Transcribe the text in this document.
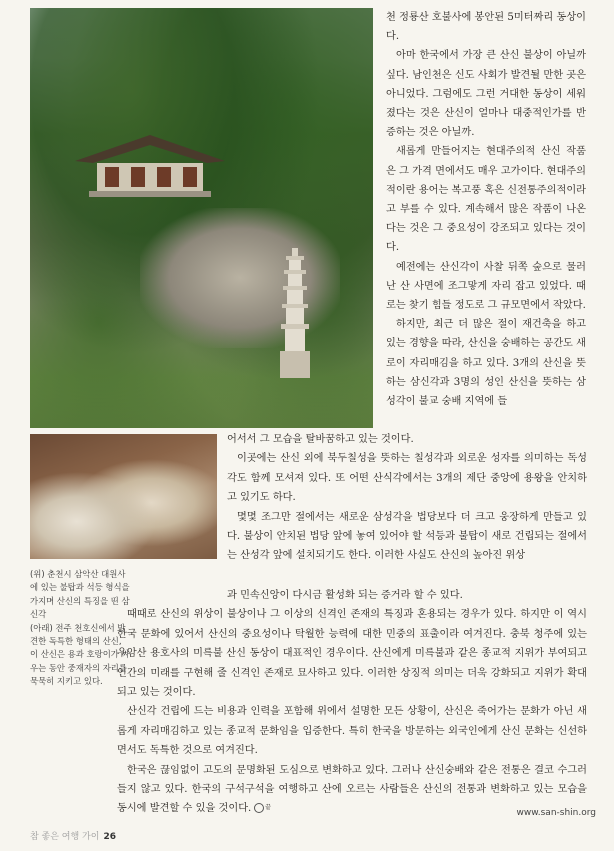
천 정룡산 호불사에 봉안된 5미터짜리 동상이다.

아마 한국에서 가장 큰 산신 불상이 아닐까 싶다. 남인천은 신도 사회가 발견될 만한 곳은 아니었다. 그럼에도 그런 거대한 동상이 세워졌다는 것은 산신이 얼마나 대중적인가를 반증하는 것은 아닐까.

새롭게 만들어지는 현대주의적 산신 작품은 그 가격 면에서도 매우 고가이다. 현대주의적이란 용어는 복고풍 혹은 신전통주의적이라고 부를 수 있다. 계속해서 많은 작품이 나온다는 것은 그 중요성이 강조되고 있다는 것이다.

예전에는 산신각이 사찰 뒤쪽 숲으로 물러난 산 사면에 조그맣게 자리 잡고 있었다. 때로는 찾기 힘들 정도로 그 규모면에서 작았다.

하지만, 최근 더 많은 절이 재건축을 하고 있는 경향을 따라, 산신을 숭배하는 공간도 새로이 자리매김을 하고 있다. 3개의 산신을 뜻하는 삼신각과 3명의 성인 산신을 뜻하는 삼성각이 불교 숭배 지역에 들

어서서 그 모습을 탈바꿈하고 있는 것이다.

이곳에는 산신 외에 북두칠성을 뜻하는 칠성각과 외로운 성자를 의미하는 독성각도 함께 모셔져 있다. 또 어떤 산식각에서는 3개의 제단 중앙에 용왕을 안치하고 있기도 하다.

몇몇 조그만 절에서는 새로운 삼성각을 법당보다 더 크고 웅장하게 만들고 있다. 불상이 안치된 법당 앞에 놓여 있어야 할 석등과 불탑이 새로 건립되는 절에서는 산성각 앞에 설치되기도 한다. 이러한 사실도 산신의 높아진 위상

과 민속신앙이 다시금 활성화 되는 증거라 할 수 있다.

때때로 산신의 위상이 불상이나 그 이상의 신격인 존재의 특징과 혼용되는 경우가 있다. 하지만 이 역시 한국 문화에 있어서 산신의 중요성이나 탁월한 능력에 대한 민중의 표출이라 여겨진다. 충북 청주에 있는 우암산 용호사의 미륵불 산신 동상이 대표적인 경우이다. 산신에게 미륵불과 같은 종교적 지위가 부여되고 인간의 미래를 구현해 줄 신격인 존재로 묘사하고 있다. 이러한 상징적 의미는 더욱 강화되고 지위가 확대되고 있는 것이다.

산신각 건립에 드는 비용과 인력을 포함해 위에서 설명한 모든 상황이, 산신은 죽어가는 문화가 아닌 새롭게 자리매김하고 있는 종교적 문화임을 입증한다. 특히 한국을 방문하는 외국인에게 산신 문화는 신선하면서도 독특한 것으로 여겨진다.

한국은 끊임없이 고도의 문명화된 도심으로 변화하고 있다. 그러나 산신숭배와 같은 전통은 결코 수그러들지 않고 있다. 한국의 구석구석을 여행하고 산에 오르는 사람들은 산신의 전통과 변화하고 있는 모습을 동시에 발견할 수 있을 것이다. 끝

(위) 춘천시 삼악산 대원사에 있는 불탑과 석등 형식을 가지며 산신의 특징을 띤 삼신각

(아래) 전주 천호신에서 발견한 독특한 형태의 산신, 이 산신은 용과 호랑이가 싸우는 동안 중재자의 자리를 묵묵히 지키고 있다.

www.san-shin.org
참 좋은 여행 가이 26
